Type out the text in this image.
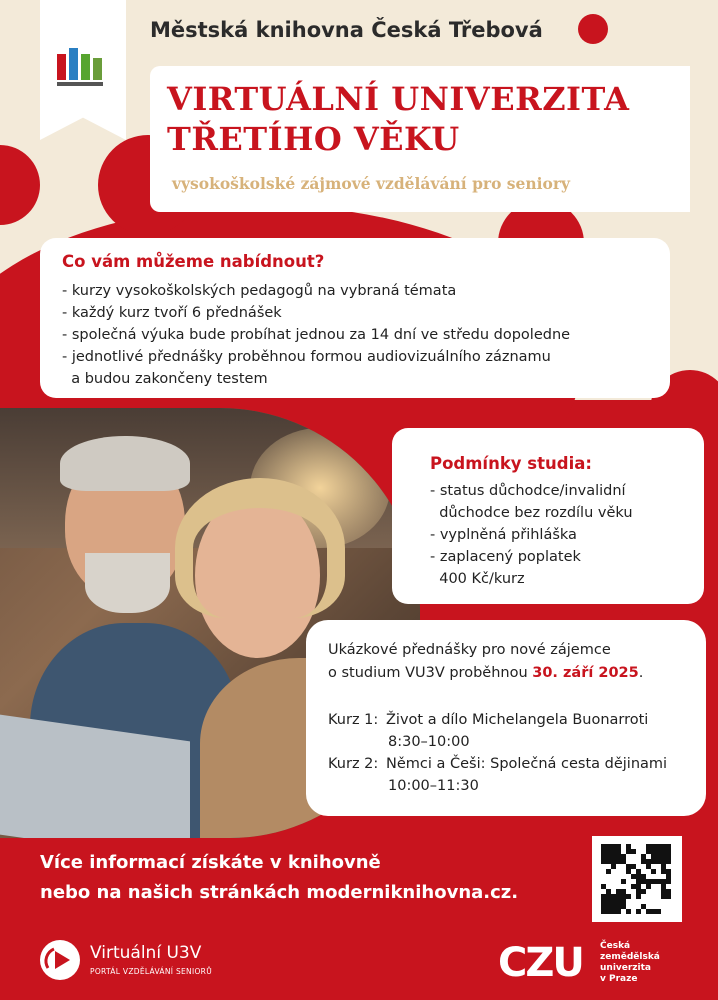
Městská knihovna Česká Třebová
VIRTUÁLNÍ UNIVERZITA
TŘETÍHO VĚKU
vysokoškolské zájmové vzdělávání pro seniory
Co vám můžeme nabídnout?
- kurzy vysokoškolských pedagogů na vybraná témata
- každý kurz tvoří 6 přednášek
- společná výuka bude probíhat jednou za 14 dní ve středu dopoledne
- jednotlivé přednášky proběhnou formou audiovizuálního záznamu
a budou zakončeny testem
Podmínky studia:
- status důchodce/invalidní
důchodce bez rozdílu věku
- vyplněná přihláška
- zaplacený poplatek
400 Kč/kurz
Ukázkové přednášky pro nové zájemce
o studium VU3V proběhnou 30. září 2025.
Kurz 1: Život a dílo Michelangela Buonarroti
8:30–10:00
Kurz 2: Němci a Češi: Společná cesta dějinami
10:00–11:30
Více informací získáte v knihovně
nebo na našich stránkách moderniknihovna.cz.
Virtuální U3V
PORTÁL VZDĚLÁVÁNÍ SENIORŮ	CZU Česká
zemědělská
univerzita
v Praze
